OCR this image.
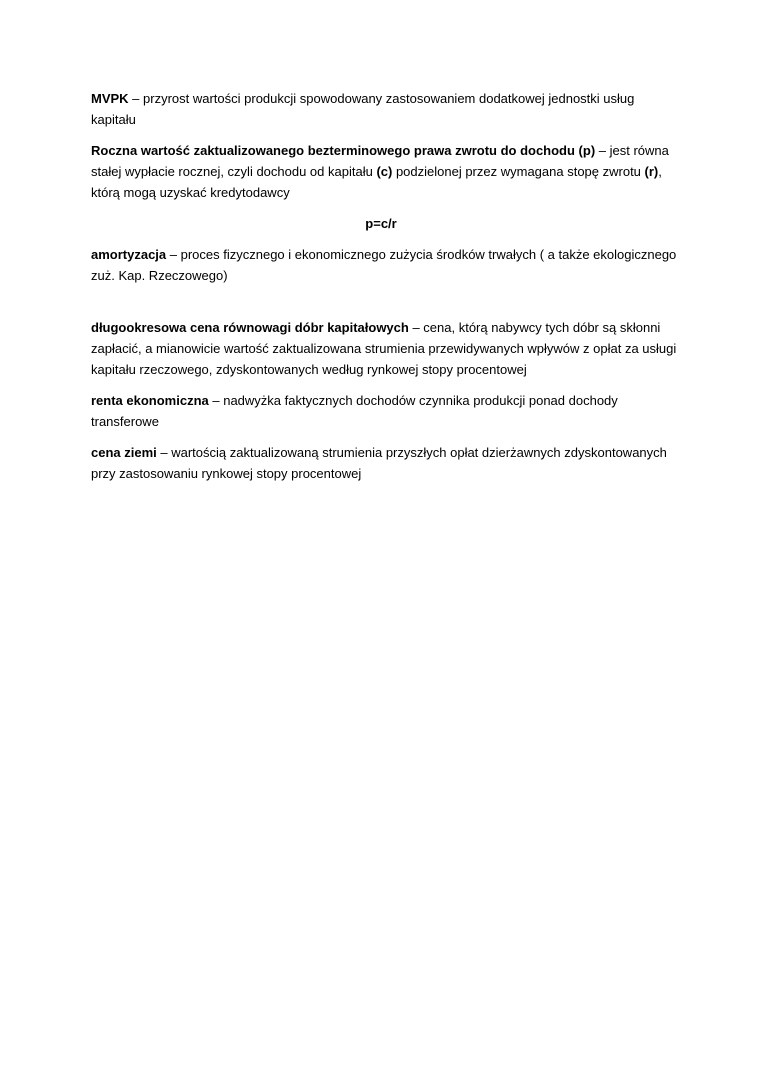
MVPK – przyrost wartości produkcji spowodowany zastosowaniem dodatkowej jednostki usług kapitału

Roczna wartość zaktualizowanego bezterminowego prawa zwrotu do dochodu (p) – jest równa stałej wypłacie rocznej, czyli dochodu od kapitału (c) podzielonej przez wymagana stopę zwrotu (r), którą mogą uzyskać kredytodawcy

p=c/r

amortyzacja – proces fizycznego i ekonomicznego zużycia środków trwałych ( a także ekologicznego zuż. Kap. Rzeczowego)

długookresowa cena równowagi dóbr kapitałowych – cena, którą nabywcy tych dóbr są skłonni zapłacić, a mianowicie wartość zaktualizowana strumienia przewidywanych wpływów z opłat za usługi kapitału rzeczowego, zdyskontowanych według rynkowej stopy procentowej

renta ekonomiczna – nadwyżka faktycznych dochodów czynnika produkcji ponad dochody transferowe

cena ziemi – wartością zaktualizowaną strumienia przyszłych opłat dzierżawnych zdyskontowanych przy zastosowaniu rynkowej stopy procentowej
